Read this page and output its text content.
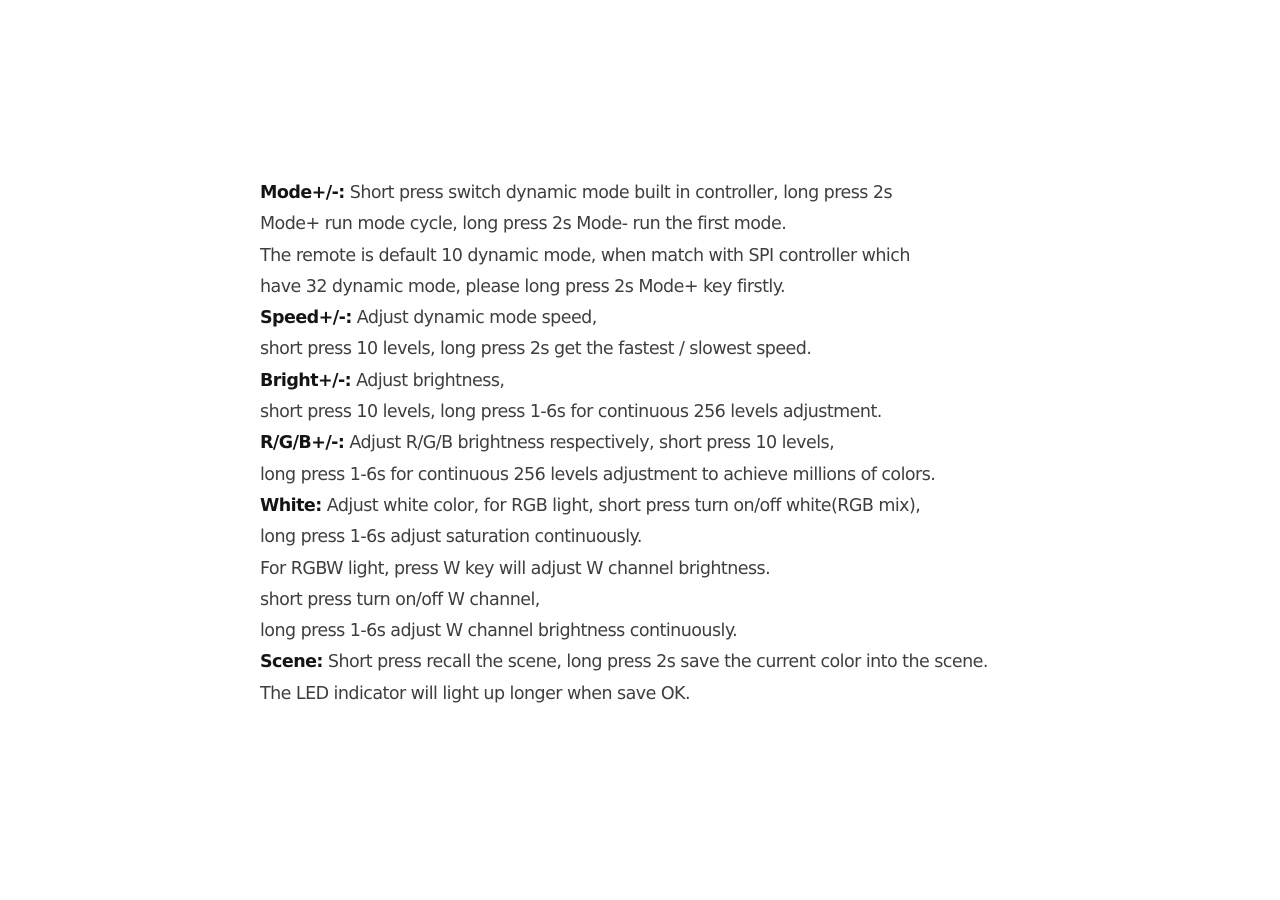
Mode+/-: Short press switch dynamic mode built in controller, long press 2s
Mode+ run mode cycle, long press 2s Mode- run the first mode.
The remote is default 10 dynamic mode, when match with SPI controller which
have 32 dynamic mode, please long press 2s Mode+ key firstly.
Speed+/-: Adjust dynamic mode speed,
short press 10 levels, long press 2s get the fastest / slowest speed.
Bright+/-: Adjust brightness,
short press 10 levels, long press 1-6s for continuous 256 levels adjustment.
R/G/B+/-: Adjust R/G/B brightness respectively, short press 10 levels,
long press 1-6s for continuous 256 levels adjustment to achieve millions of colors.
White: Adjust white color, for RGB light, short press turn on/off white(RGB mix),
long press 1-6s adjust saturation continuously.
For RGBW light, press W key will adjust W channel brightness.
short press turn on/off W channel,
long press 1-6s adjust W channel brightness continuously.
Scene: Short press recall the scene, long press 2s save the current color into the scene.
The LED indicator will light up longer when save OK.
